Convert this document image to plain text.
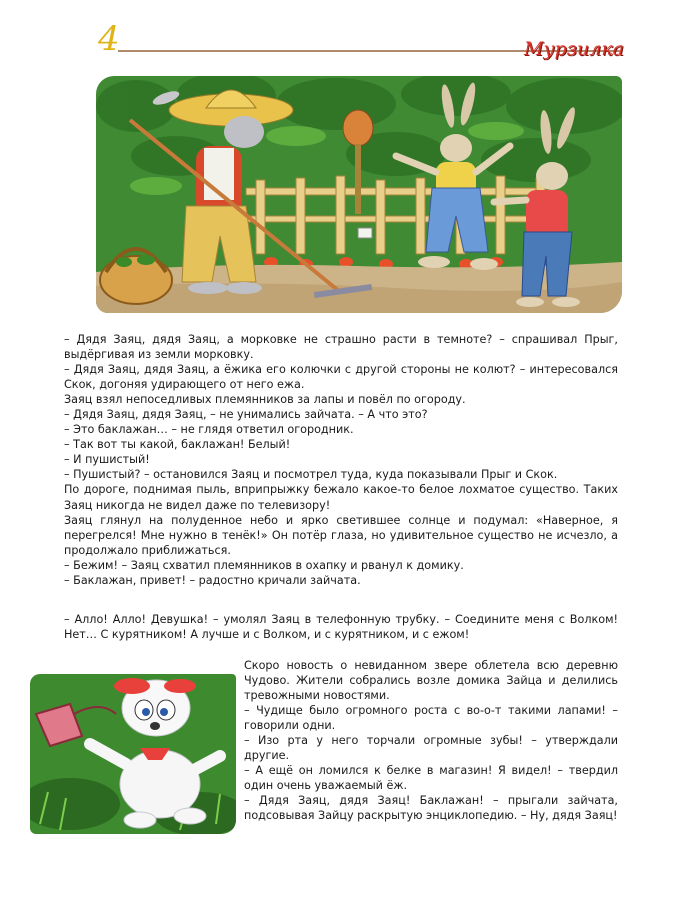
4	Мурзилка

– Дядя Заяц, дядя Заяц, а морковке не страшно расти в темноте? – спрашивал Прыг, выдёргивая из земли морковку.

– Дядя Заяц, дядя Заяц, а ёжика его колючки с другой стороны не колют? – интересовался Скок, догоняя удирающего от него ежа.

Заяц взял непоседливых племянников за лапы и повёл по огороду.

– Дядя Заяц, дядя Заяц, – не унимались зайчата. – А что это?

– Это баклажан… – не глядя ответил огородник.

– Так вот ты какой, баклажан! Белый!

– И пушистый!

– Пушистый? – остановился Заяц и посмотрел туда, куда показывали Прыг и Скок.

По дороге, поднимая пыль, вприпрыжку бежало какое-то белое лохматое существо. Таких Заяц никогда не видел даже по телевизору!

Заяц глянул на полуденное небо и ярко светившее солнце и подумал: «Наверное, я перегрелся! Мне нужно в тенёк!» Он потёр глаза, но удивительное существо не исчезло, а продолжало приближаться.

– Бежим! – Заяц схватил племянников в охапку и рванул к домику.

– Баклажан, привет! – радостно кричали зайчата.

– Алло! Алло! Девушка! – умолял Заяц в телефонную трубку. – Соедините меня с Волком! Нет… С курятником! А лучше и с Волком, и с курятником, и с ежом!

Скоро новость о невиданном звере облетела всю деревню Чудово. Жители собрались возле домика Зайца и делились тревожными новостями.

– Чудище было огромного роста с во-о-т такими лапами! – говорили одни.

– Изо рта у него торчали огромные зубы! – утверждали другие.

– А ещё он ломился к белке в магазин! Я видел! – твердил один очень уважаемый ёж.

– Дядя Заяц, дядя Заяц! Баклажан! – прыгали зайчата, подсовывая Зайцу раскрытую энциклопедию. – Ну, дядя Заяц!
